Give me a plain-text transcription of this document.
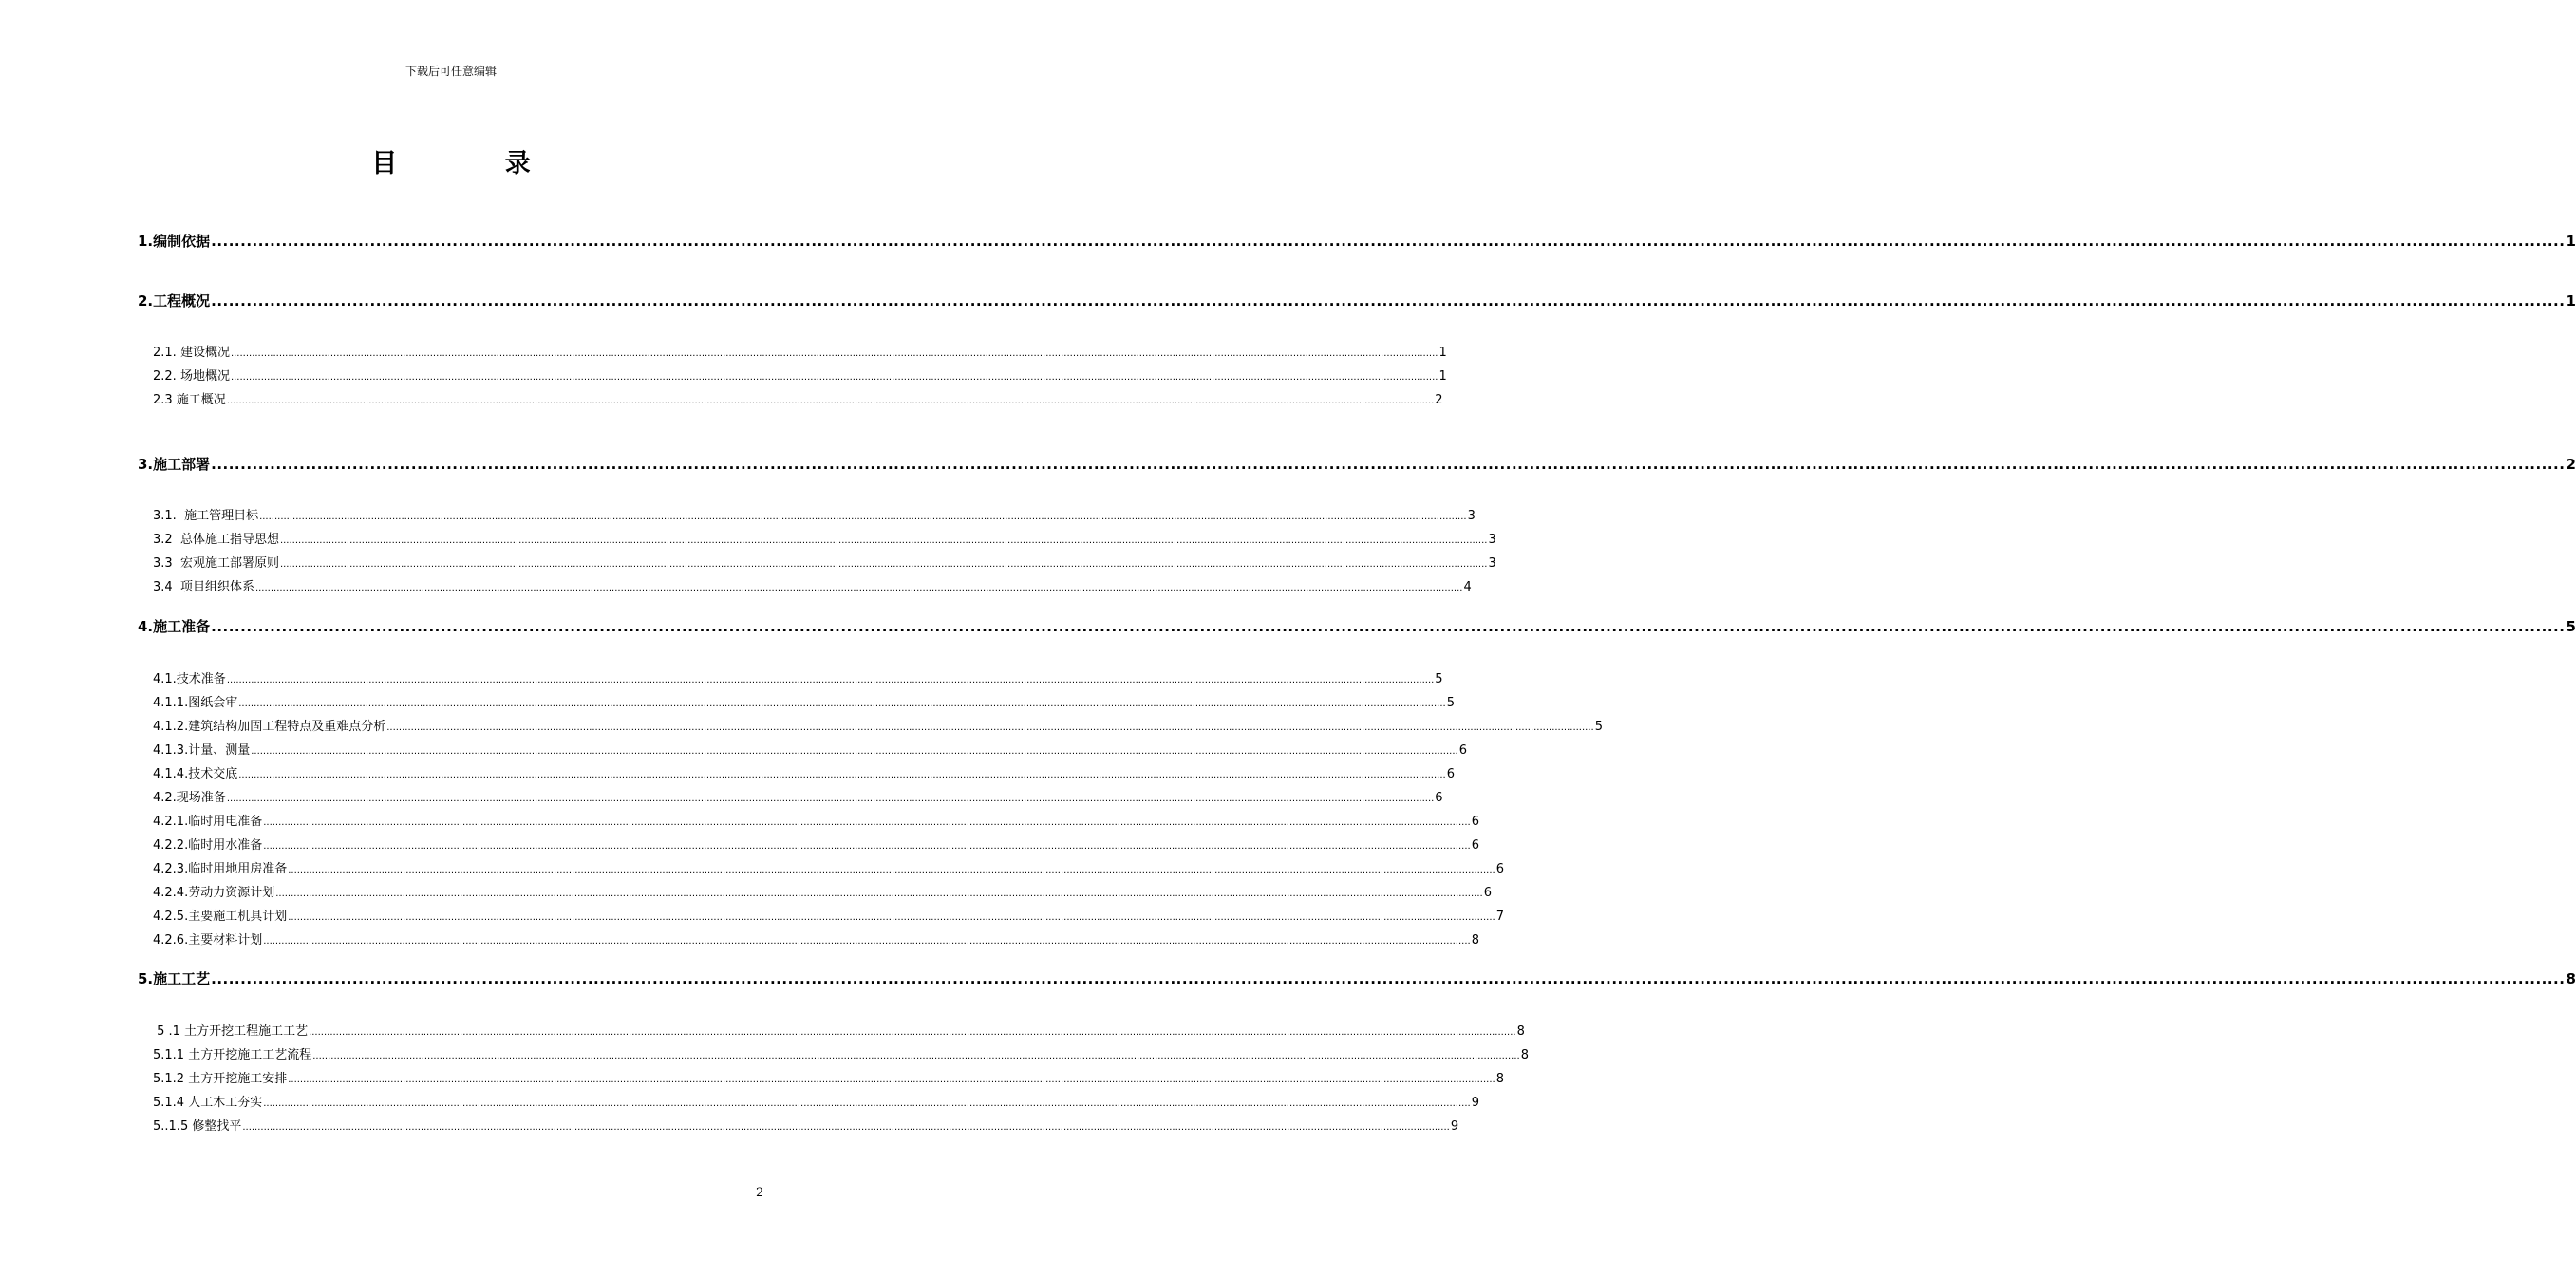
下载后可任意编辑
目 录
1.编制依据 ................................................................................................................................................................................................................................................................................................................................................................................................................ 1
2.工程概况 ................................................................................................................................................................................................................................................................................................................................................................................................................ 1
2.1. 建设概况 ................................................................................................................................................................................................................................................................................................................................................................................................................ 1
2.2. 场地概况 ................................................................................................................................................................................................................................................................................................................................................................................................................ 1
2.3 施工概况 ................................................................................................................................................................................................................................................................................................................................................................................................................ 2
3.施工部署 ................................................................................................................................................................................................................................................................................................................................................................................................................ 2
3.1.  施工管理目标 ................................................................................................................................................................................................................................................................................................................................................................................................................ 3
3.2  总体施工指导思想 ................................................................................................................................................................................................................................................................................................................................................................................................................ 3
3.3  宏观施工部署原则 ................................................................................................................................................................................................................................................................................................................................................................................................................ 3
3.4  项目组织体系 ................................................................................................................................................................................................................................................................................................................................................................................................................ 4
4.施工准备 ................................................................................................................................................................................................................................................................................................................................................................................................................ 5
4.1.技术准备 ................................................................................................................................................................................................................................................................................................................................................................................................................ 5
4.1.1.图纸会审 ................................................................................................................................................................................................................................................................................................................................................................................................................ 5
4.1.2.建筑结构加固工程特点及重难点分析 ................................................................................................................................................................................................................................................................................................................................................................................................................ 5
4.1.3.计量、测量 ................................................................................................................................................................................................................................................................................................................................................................................................................ 6
4.1.4.技术交底 ................................................................................................................................................................................................................................................................................................................................................................................................................ 6
4.2.现场准备 ................................................................................................................................................................................................................................................................................................................................................................................................................ 6
4.2.1.临时用电准备 ................................................................................................................................................................................................................................................................................................................................................................................................................ 6
4.2.2.临时用水准备 ................................................................................................................................................................................................................................................................................................................................................................................................................ 6
4.2.3.临时用地用房准备 ................................................................................................................................................................................................................................................................................................................................................................................................................ 6
4.2.4.劳动力资源计划 ................................................................................................................................................................................................................................................................................................................................................................................................................ 6
4.2.5.主要施工机具计划 ................................................................................................................................................................................................................................................................................................................................................................................................................ 7
4.2.6.主要材料计划 ................................................................................................................................................................................................................................................................................................................................................................................................................ 8
5.施工工艺 ................................................................................................................................................................................................................................................................................................................................................................................................................ 8
5 .1 土方开挖工程施工工艺 ................................................................................................................................................................................................................................................................................................................................................................................................................ 8
5.1.1 土方开挖施工工艺流程 ................................................................................................................................................................................................................................................................................................................................................................................................................ 8
5.1.2 土方开挖施工安排 ................................................................................................................................................................................................................................................................................................................................................................................................................ 8
5.1.4 人工木工夯实 ................................................................................................................................................................................................................................................................................................................................................................................................................ 9
5..1.5 修整找平 ................................................................................................................................................................................................................................................................................................................................................................................................................ 9
2
